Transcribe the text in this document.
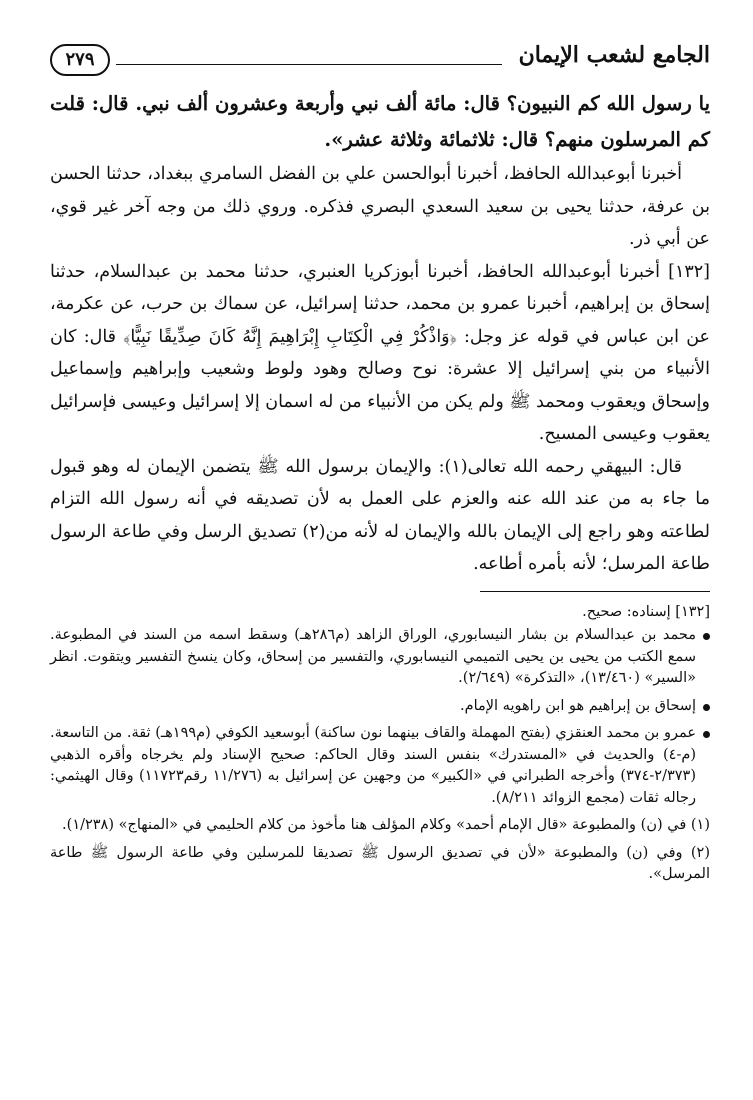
الجامع لشعب الإيمان
٢٧٩

يا رسول الله كم النبيون؟ قال: مائة ألف نبي وأربعة وعشرون ألف نبي. قال: قلت كم المرسلون منهم؟ قال: ثلاثمائة وثلاثة عشر».

أخبرنا أبوعبدالله الحافظ، أخبرنا أبوالحسن علي بن الفضل السامري ببغداد، حدثنا الحسن بن عرفة، حدثنا يحيى بن سعيد السعدي البصري فذكره. وروي ذلك من وجه آخر غير قوي، عن أبي ذر.

[١٣٢] أخبرنا أبوعبدالله الحافظ، أخبرنا أبوزكريا العنبري، حدثنا محمد بن عبدالسلام، حدثنا إسحاق بن إبراهيم، أخبرنا عمرو بن محمد، حدثنا إسرائيل، عن سماك بن حرب، عن عكرمة، عن ابن عباس في قوله عز وجل: ﴿وَاذْكُرْ فِي الْكِتَابِ إِبْرَاهِيمَ إِنَّهُ كَانَ صِدِّيقًا نَبِيًّا﴾ قال: كان الأنبياء من بني إسرائيل إلا عشرة: نوح وصالح وهود ولوط وشعيب وإبراهيم وإسماعيل وإسحاق ويعقوب ومحمد ﷺ ولم يكن من الأنبياء من له اسمان إلا إسرائيل وعيسى فإسرائيل يعقوب وعيسى المسيح.

قال: البيهقي رحمه الله تعالى(١): والإيمان برسول الله ﷺ يتضمن الإيمان له وهو قبول ما جاء به من عند الله عنه والعزم على العمل به لأن تصديقه في أنه رسول الله التزام لطاعته وهو راجع إلى الإيمان بالله والإيمان له لأنه من(٢) تصديق الرسل وفي طاعة الرسول طاعة المرسل؛ لأنه بأمره أطاعه.

[١٣٢] إسناده: صحيح.

محمد بن عبدالسلام بن بشار النيسابوري، الوراق الزاهد (م٢٨٦هـ) وسقط اسمه من السند في المطبوعة. سمع الكتب من يحيى بن يحيى التميمي النيسابوري، والتفسير من إسحاق، وكان ينسخ التفسير ويتقوت. انظر «السير» (١٣/٤٦٠)، «التذكرة» (٢/٦٤٩).

إسحاق بن إبراهيم هو ابن راهويه الإمام.

عمرو بن محمد العنقزي (بفتح المهملة والقاف بينهما نون ساكنة) أبوسعيد الكوفي (م١٩٩هـ) ثقة. من التاسعة. (م-٤) والحديث في «المستدرك» بنفس السند وقال الحاكم: صحيح الإسناد ولم يخرجاه وأقره الذهبي (٢/٣٧٣-٣٧٤) وأخرجه الطبراني في «الكبير» من وجهين عن إسرائيل به (١١/٢٧٦ رقم١١٧٢٣) وقال الهيثمي: رجاله ثقات (مجمع الزوائد ٨/٢١١).

(١) في (ن) والمطبوعة «قال الإمام أحمد» وكلام المؤلف هنا مأخوذ من كلام الحليمي في «المنهاج» (١/٢٣٨).

(٢) وفي (ن) والمطبوعة «لأن في تصديق الرسول ﷺ تصديقا للمرسلين وفي طاعة الرسول ﷺ طاعة المرسل».
